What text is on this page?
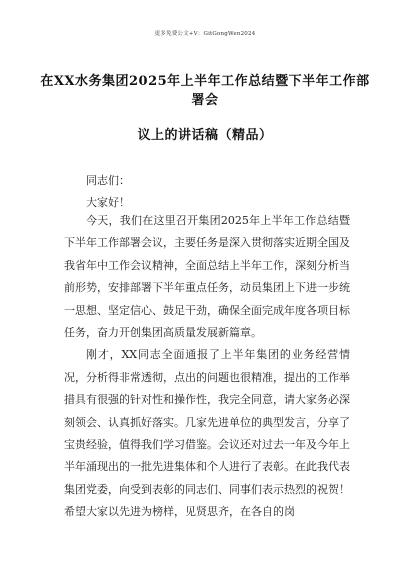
更多免费公文+V：GitGongWen2024
在XX水务集团2025年上半年工作总结暨下半年工作部署会
议上的讲话稿（精品）
同志们：
大家好！

今天，我们在这里召开集团2025年上半年工作总结暨下半年工作部署会议，主要任务是深入贯彻落实近期全国及我省年中工作会议精神，全面总结上半年工作，深刻分析当前形势，安排部署下半年重点任务，动员集团上下进一步统一思想、坚定信心、鼓足干劲，确保全面完成年度各项目标任务，奋力开创集团高质量发展新篇章。

刚才，XX同志全面通报了上半年集团的业务经营情况，分析得非常透彻，点出的问题也很精准，提出的工作举措具有很强的针对性和操作性，我完全同意，请大家务必深刻领会、认真抓好落实。几家先进单位的典型发言，分享了宝贵经验，值得我们学习借鉴。会议还对过去一年及今年上半年涌现出的一批先进集体和个人进行了表彰。在此我代表集团党委，向受到表彰的同志们、同事们表示热烈的祝贺！希望大家以先进为榜样，见贤思齐，在各自的岗
